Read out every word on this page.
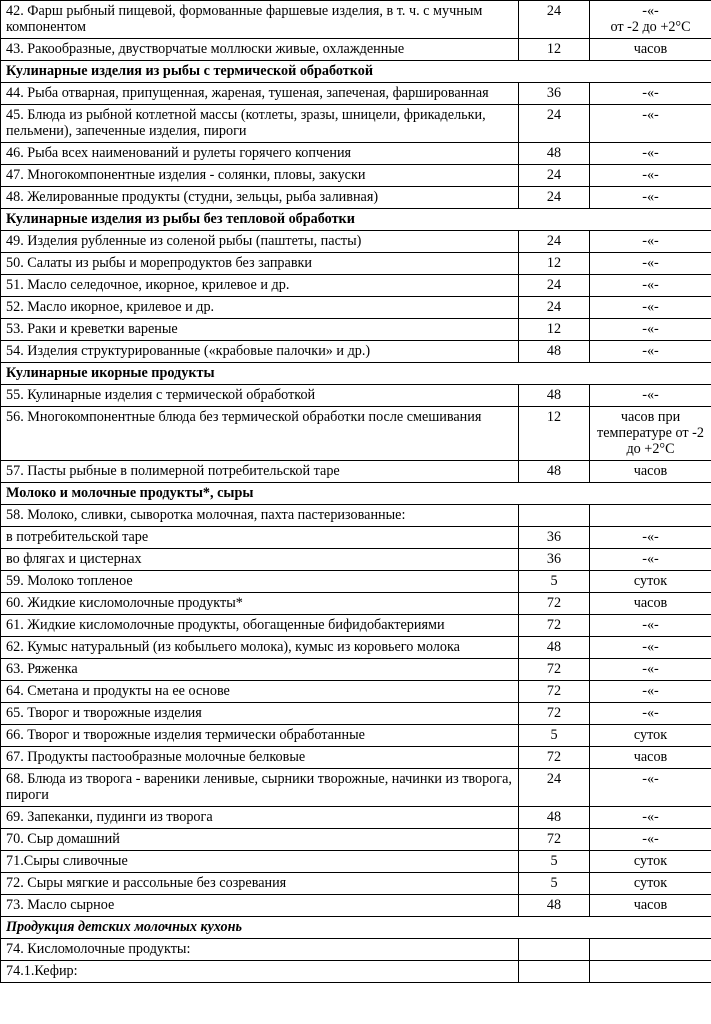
42. Фарш рыбный пищевой, формованные фаршевые изделия, в т. ч. с мучным компонентом	24	-«-
от -2 до +2°C
43. Ракообразные, двустворчатые моллюски живые, охлажденные	12	часов
Кулинарные изделия из рыбы с термической обработкой		
44. Рыба отварная, припущенная, жареная, тушеная, запеченая, фаршированная	36	-«-
45. Блюда из рыбной котлетной массы (котлеты, зразы, шницели, фрикадельки, пельмени), запеченные изделия, пироги	24	-«-
46. Рыба всех наименований и рулеты горячего копчения	48	-«-
47. Многокомпонентные изделия - солянки, пловы, закуски	24	-«-
48. Желированные продукты (студни, зельцы, рыба заливная)	24	-«-
Кулинарные изделия из рыбы без тепловой обработки		
49. Изделия рубленные из соленой рыбы (паштеты, пасты)	24	-«-
50. Салаты из рыбы и морепродуктов без заправки	12	-«-
51. Масло селедочное, икорное, крилевое и др.	24	-«-
52. Масло икорное, крилевое и др.	24	-«-
53. Раки и креветки вареные	12	-«-
54. Изделия структурированные («крабовые палочки» и др.)	48	-«-
Кулинарные икорные продукты		
55. Кулинарные изделия с термической обработкой	48	-«-
56. Многокомпонентные блюда без термической обработки после смешивания	12	часов при температуре от -2 до +2°C
57. Пасты рыбные в полимерной потребительской таре	48	часов
Молоко и молочные продукты*, сыры		
58. Молоко, сливки, сыворотка молочная, пахта пастеризованные:		
в потребительской таре	36	-«-
во флягах и цистернах	36	-«-
59. Молоко топленое	5	суток
60. Жидкие кисломолочные продукты*	72	часов
61. Жидкие кисломолочные продукты, обогащенные бифидобактериями	72	-«-
62. Кумыс натуральный (из кобыльего молока), кумыс из коровьего молока	48	-«-
63. Ряженка	72	-«-
64. Сметана и продукты на ее основе	72	-«-
65. Творог и творожные изделия	72	-«-
66. Творог и творожные изделия термически обработанные	5	суток
67. Продукты пастообразные молочные белковые	72	часов
68. Блюда из творога - вареники ленивые, сырники творожные, начинки из творога, пироги	24	-«-
69. Запеканки, пудинги из творога	48	-«-
70. Сыр домашний	72	-«-
71.Сыры сливочные	5	суток
72. Сыры мягкие и рассольные без созревания	5	суток
73. Масло сырное	48	часов
Продукция детских молочных кухонь		
74. Кисломолочные продукты:		
74.1.Кефир:		
